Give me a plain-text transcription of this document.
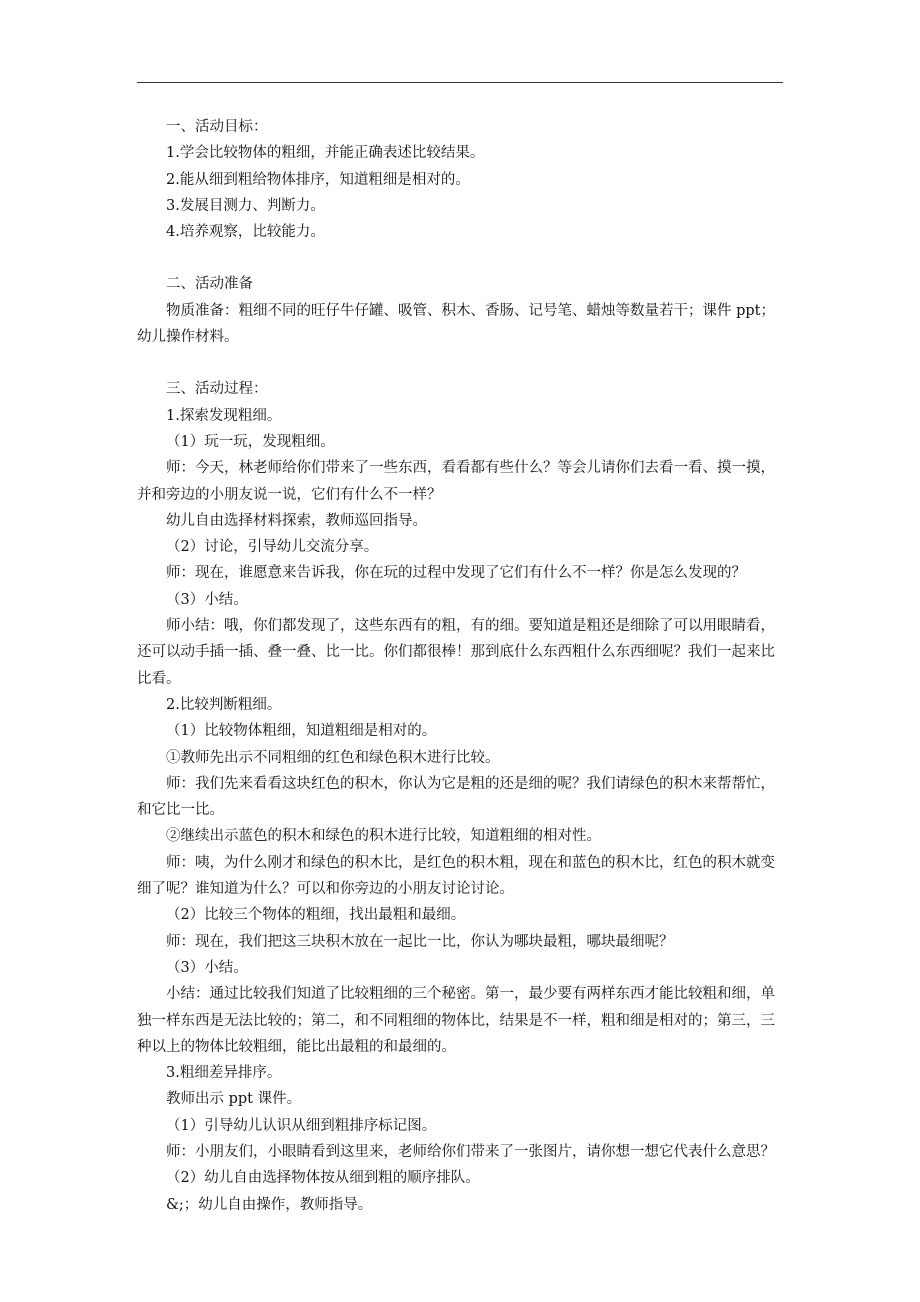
一、活动目标：

1.学会比较物体的粗细，并能正确表述比较结果。

2.能从细到粗给物体排序，知道粗细是相对的。

3.发展目测力、判断力。

4.培养观察，比较能力。

二、活动准备

物质准备：粗细不同的旺仔牛仔罐、吸管、积木、香肠、记号笔、蜡烛等数量若干；课件 ppt；幼儿操作材料。

三、活动过程：

1.探索发现粗细。

（1）玩一玩，发现粗细。

师：今天，林老师给你们带来了一些东西，看看都有些什么？等会儿请你们去看一看、摸一摸，并和旁边的小朋友说一说，它们有什么不一样？

幼儿自由选择材料探索，教师巡回指导。

（2）讨论，引导幼儿交流分享。

师：现在，谁愿意来告诉我，你在玩的过程中发现了它们有什么不一样？你是怎么发现的？

（3）小结。

师小结：哦，你们都发现了，这些东西有的粗，有的细。要知道是粗还是细除了可以用眼睛看，还可以动手插一插、叠一叠、比一比。你们都很棒！那到底什么东西粗什么东西细呢？我们一起来比比看。

2.比较判断粗细。

（1）比较物体粗细，知道粗细是相对的。

①教师先出示不同粗细的红色和绿色积木进行比较。

师：我们先来看看这块红色的积木，你认为它是粗的还是细的呢？我们请绿色的积木来帮帮忙，和它比一比。

②继续出示蓝色的积木和绿色的积木进行比较，知道粗细的相对性。

师：咦，为什么刚才和绿色的积木比，是红色的积木粗，现在和蓝色的积木比，红色的积木就变细了呢？谁知道为什么？可以和你旁边的小朋友讨论讨论。

（2）比较三个物体的粗细，找出最粗和最细。

师：现在，我们把这三块积木放在一起比一比，你认为哪块最粗，哪块最细呢？

（3）小结。

小结：通过比较我们知道了比较粗细的三个秘密。第一，最少要有两样东西才能比较粗和细，单独一样东西是无法比较的；第二，和不同粗细的物体比，结果是不一样，粗和细是相对的；第三，三种以上的物体比较粗细，能比出最粗的和最细的。

3.粗细差异排序。

教师出示 ppt 课件。

（1）引导幼儿认识从细到粗排序标记图。

师：小朋友们，小眼睛看到这里来，老师给你们带来了一张图片，请你想一想它代表什么意思？

（2）幼儿自由选择物体按从细到粗的顺序排队。

&;；幼儿自由操作，教师指导。
